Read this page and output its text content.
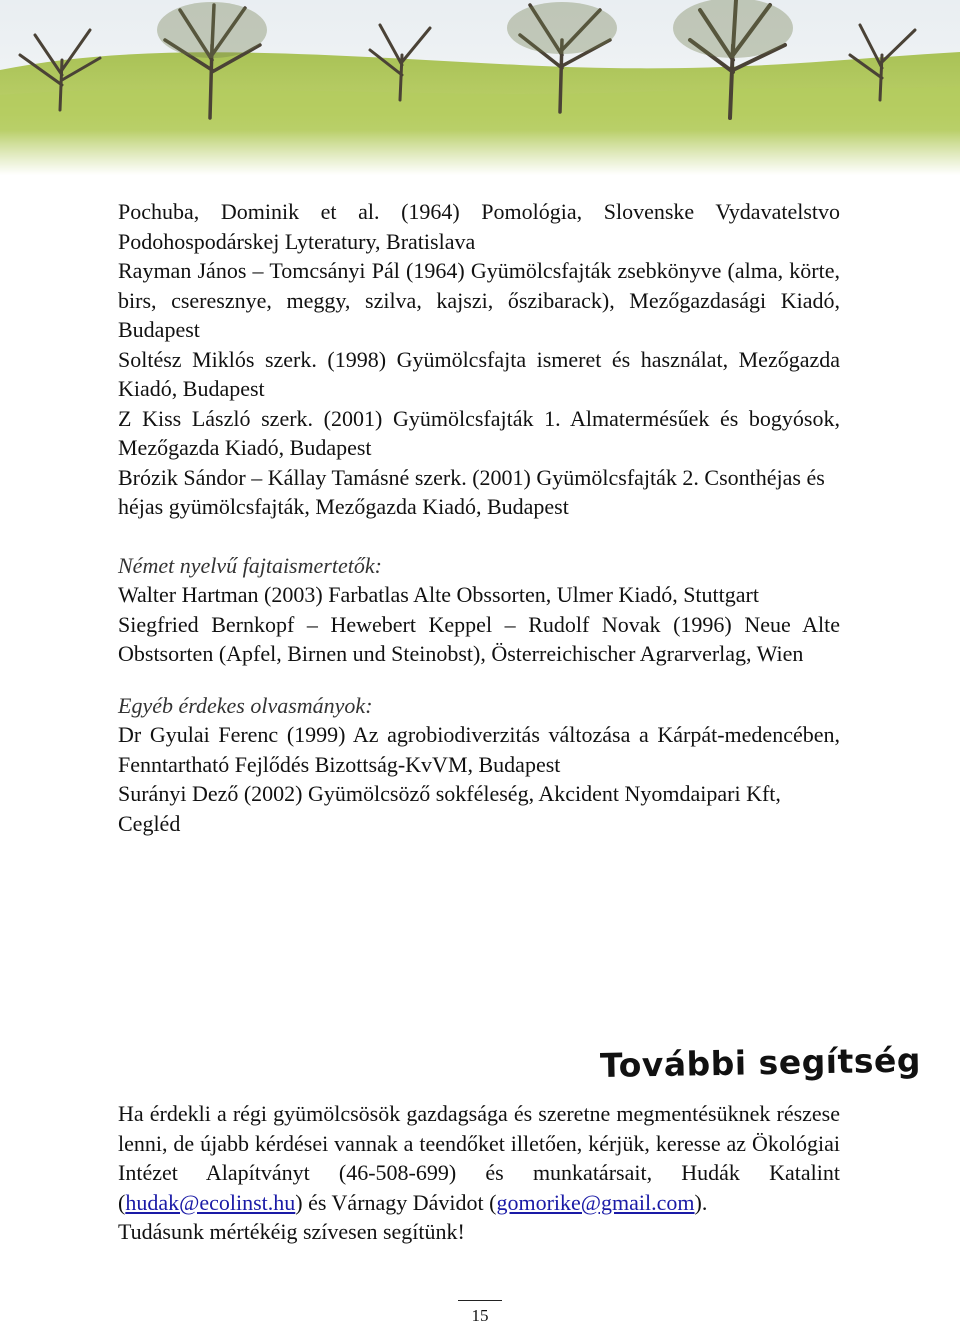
Pochuba, Dominik et al. (1964) Pomológia, Slovenske Vydavatelstvo Podohospodárskej Lyteratury, Bratislava

Rayman János – Tomcsányi Pál (1964) Gyümölcsfajták zsebkönyve (alma, körte, birs, cseresznye, meggy, szilva, kajszi, őszibarack), Mezőgazdasági Kiadó, Budapest

Soltész Miklós szerk. (1998) Gyümölcsfajta ismeret és használat, Mezőgazda Kiadó, Budapest

Z Kiss László szerk. (2001) Gyümölcsfajták 1. Almatermésűek és bogyósok, Mezőgazda Kiadó, Budapest

Brózik Sándor – Kállay Tamásné szerk. (2001) Gyümölcsfajták 2. Csonthéjas és héjas gyümölcsfajták, Mezőgazda Kiadó, Budapest

Német nyelvű fajtaismertetők:

Walter Hartman (2003) Farbatlas Alte Obssorten, Ulmer Kiadó, Stuttgart

Siegfried Bernkopf – Hewebert Keppel – Rudolf Novak (1996) Neue Alte Obstsorten (Apfel, Birnen und Steinobst), Österreichischer Agrarverlag, Wien

Egyéb érdekes olvasmányok:

Dr Gyulai Ferenc (1999) Az agrobiodiverzitás változása a Kárpát-medencében, Fenntartható Fejlődés Bizottság-KvVM, Budapest

Surányi Dező (2002) Gyümölcsöző sokféleség, Akcident Nyomdaipari Kft, Cegléd

További segítség

Ha érdekli a régi gyümölcsösök gazdagsága és szeretne megmentésüknek részese lenni, de újabb kérdései vannak a teendőket illetően, kérjük, keresse az Ökológiai Intézet Alapítványt (46-508-699) és munkatársait, Hudák Katalint (hudak@ecolinst.hu) és Várnagy Dávidot (gomorike@gmail.com).

Tudásunk mértékéig szívesen segítünk!

15
